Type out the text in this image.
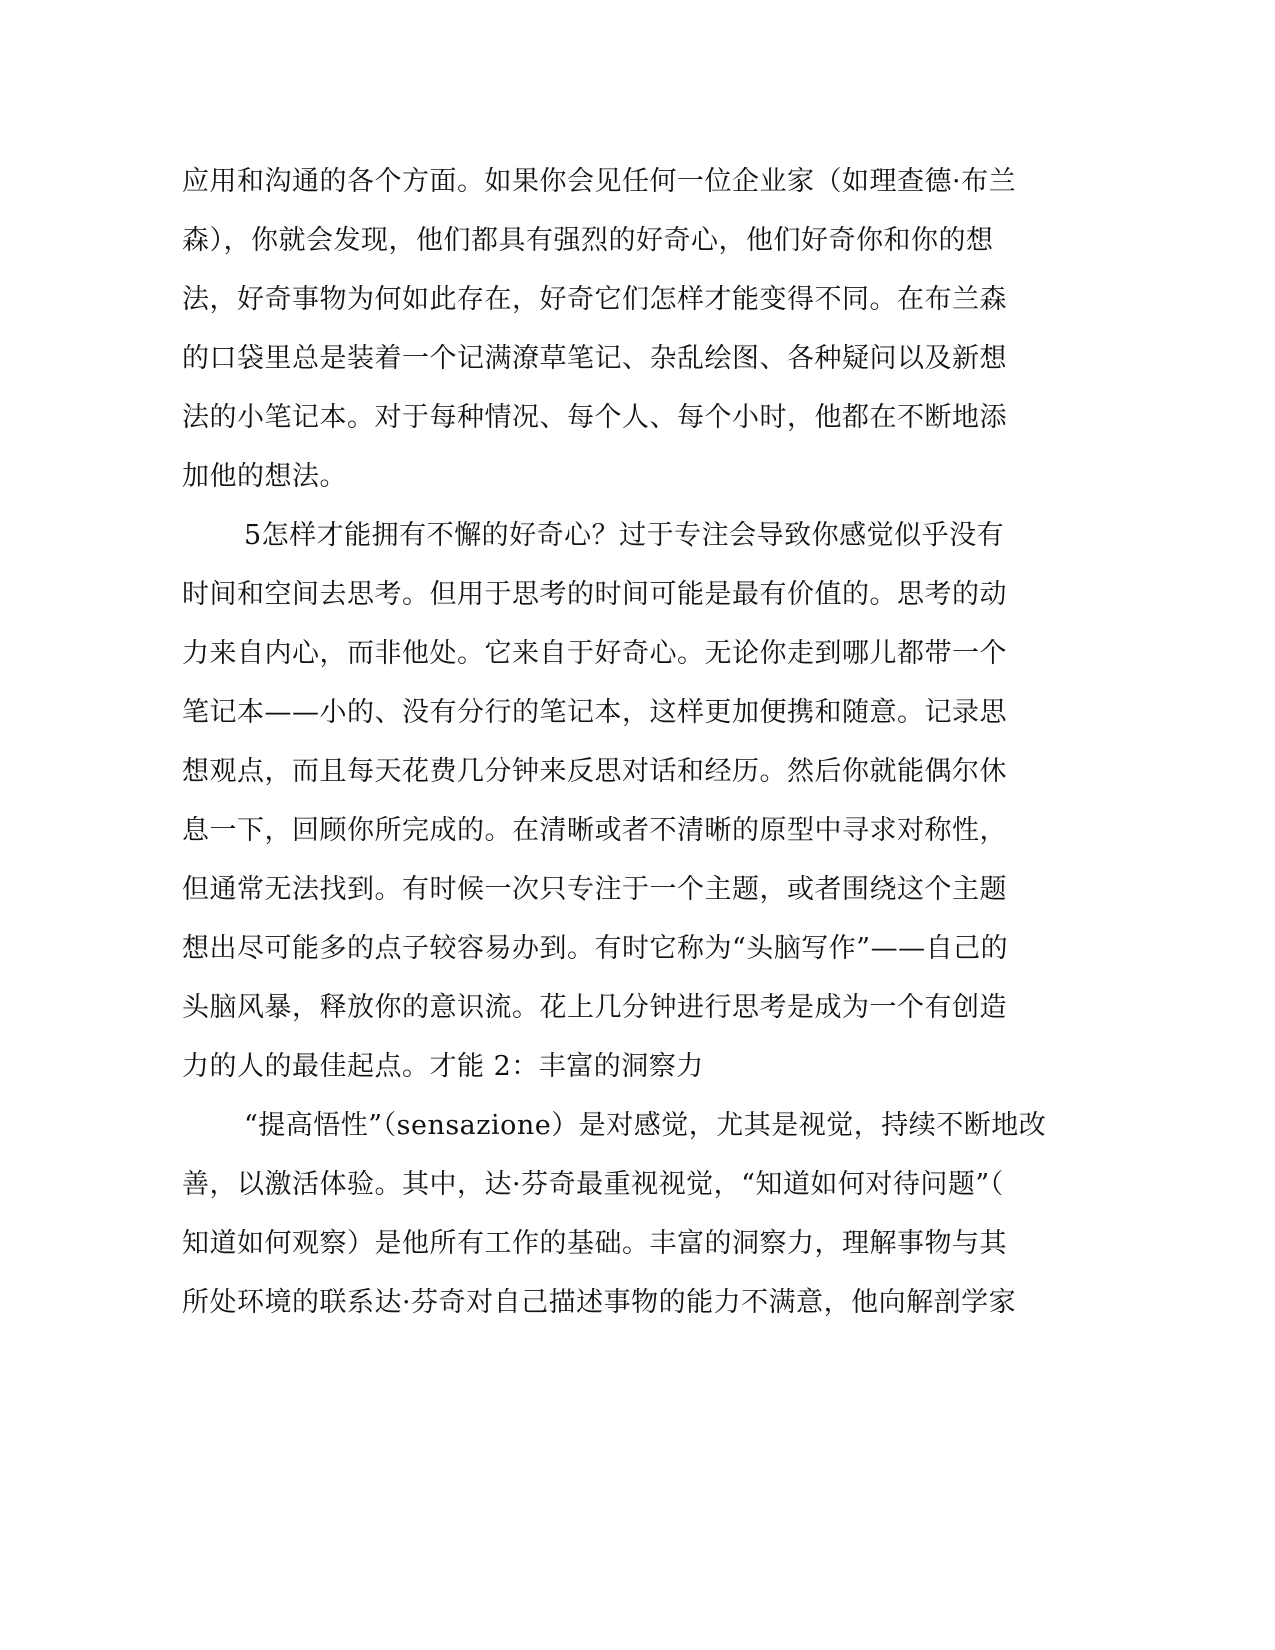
应用和沟通的各个方面。如果你会见任何一位企业家（如理查德·布兰
森），你就会发现，他们都具有强烈的好奇心，他们好奇你和你的想
法，好奇事物为何如此存在，好奇它们怎样才能变得不同。在布兰森
的口袋里总是装着一个记满潦草笔记、杂乱绘图、各种疑问以及新想
法的小笔记本。对于每种情况、每个人、每个小时，他都在不断地添
加他的想法。
5怎样才能拥有不懈的好奇心？过于专注会导致你感觉似乎没有
时间和空间去思考。但用于思考的时间可能是最有价值的。思考的动
力来自内心，而非他处。它来自于好奇心。无论你走到哪儿都带一个
笔记本——小的、没有分行的笔记本，这样更加便携和随意。记录思
想观点，而且每天花费几分钟来反思对话和经历。然后你就能偶尔休
息一下，回顾你所完成的。在清晰或者不清晰的原型中寻求对称性，
但通常无法找到。有时候一次只专注于一个主题，或者围绕这个主题
想出尽可能多的点子较容易办到。有时它称为“头脑写作”——自己的
头脑风暴，释放你的意识流。花上几分钟进行思考是成为一个有创造
力的人的最佳起点。才能 2：丰富的洞察力
“提高悟性”（sensazione）是对感觉，尤其是视觉，持续不断地改
善，以激活体验。其中，达·芬奇最重视视觉，“知道如何对待问题”（
知道如何观察）是他所有工作的基础。丰富的洞察力，理解事物与其
所处环境的联系达·芬奇对自己描述事物的能力不满意，他向解剖学家
